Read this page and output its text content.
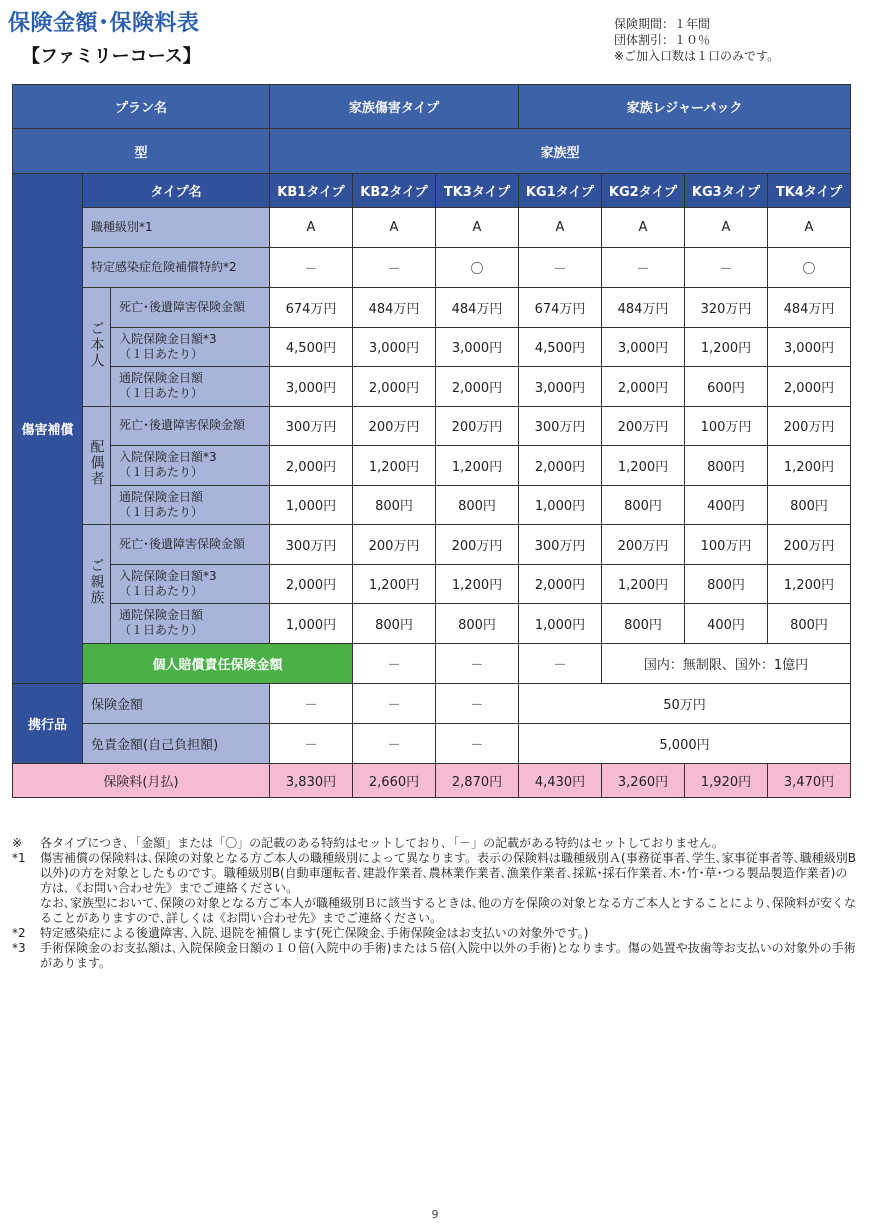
保険金額･保険料表
【ファミリーコース】
保険期間：１年間
団体割引：１０％
※ご加入口数は１口のみです。
プラン名			家族傷害タイプ			家族レジャーパック			
型			家族型						
傷害補償	タイプ名		KB1タイプ	KB2タイプ	TK3タイプ	KG1タイプ	KG2タイプ	KG3タイプ	TK4タイプ
	職種級別*1		A	A	A	A	A	A	A
	特定感染症危険補償特約*2		－	－	〇	－	－	－	〇
	ご本人	死亡･後遺障害保険金額	674万円	484万円	484万円	674万円	484万円	320万円	484万円
		入院保険金日額*3
（１日あたり）	4,500円	3,000円	3,000円	4,500円	3,000円	1,200円	3,000円
		通院保険金日額
（１日あたり）	3,000円	2,000円	2,000円	3,000円	2,000円	600円	2,000円
	配偶者	死亡･後遺障害保険金額	300万円	200万円	200万円	300万円	200万円	100万円	200万円
		入院保険金日額*3
（１日あたり）	2,000円	1,200円	1,200円	2,000円	1,200円	800円	1,200円
		通院保険金日額
（１日あたり）	1,000円	800円	800円	1,000円	800円	400円	800円
	ご親族	死亡･後遺障害保険金額	300万円	200万円	200万円	300万円	200万円	100万円	200万円
		入院保険金日額*3
（１日あたり）	2,000円	1,200円	1,200円	2,000円	1,200円	800円	1,200円
		通院保険金日額
（１日あたり）	1,000円	800円	800円	1,000円	800円	400円	800円
	個人賠償責任保険金額			－	－	－	国内：無制限、国外：1億円		
携行品	保険金額		－	－	－	50万円			
	免責金額(自己負担額)		－	－	－	5,000円			
保険料(月払)			3,830円	2,660円	2,870円	4,430円	3,260円	1,920円	3,470円
※	各タイプにつき､「金額」または「〇」の記載のある特約はセットしており､「－」の記載がある特約はセットしておりません。

*1	傷害補償の保険料は､保険の対象となる方ご本人の職種級別によって異なります。表示の保険料は職種級別Ａ(事務従事者､学生､家事従事者等､職種級別B以外)の方を対象としたものです。職種級別B(自動車運転者､建設作業者､農林業作業者､漁業作業者､採鉱･採石作業者､木･竹･草･つる製品製造作業者)の方は､《お問い合わせ先》までご連絡ください。

なお､家族型において､保険の対象となる方ご本人が職種級別Ｂに該当するときは､他の方を保険の対象となる方ご本人とすることにより､保険料が安くなることがありますので､詳しくは《お問い合わせ先》までご連絡ください。

*2	特定感染症による後遺障害､入院､退院を補償します(死亡保険金､手術保険金はお支払いの対象外です。)

*3	手術保険金のお支払額は､入院保険金日額の１０倍(入院中の手術)または５倍(入院中以外の手術)となります。傷の処置や抜歯等お支払いの対象外の手術があります。

9
